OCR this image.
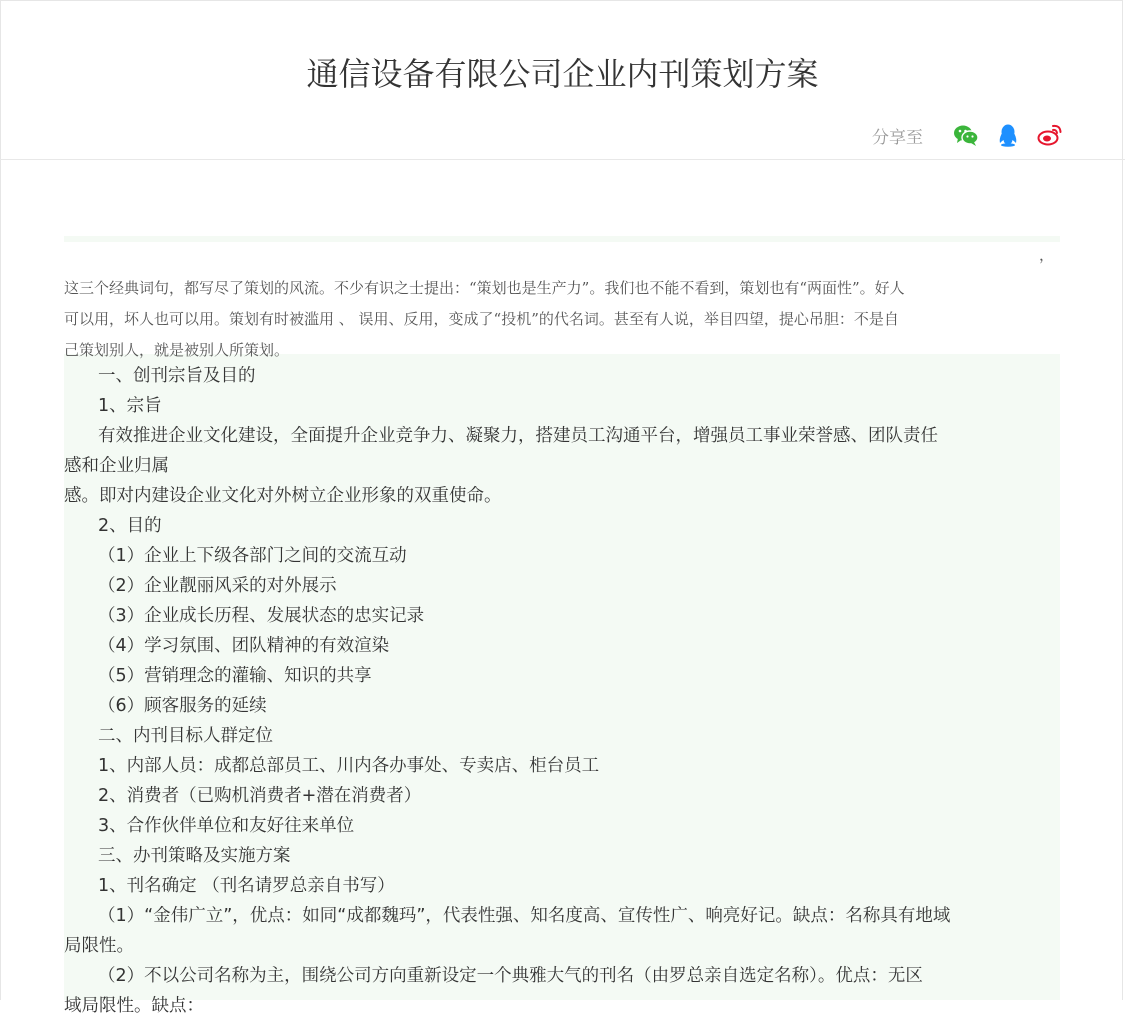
通信设备有限公司企业内刊策划方案
分享至
，
这三个经典词句，都写尽了策划的风流。不少有识之士提出：“策划也是生产力”。我们也不能不看到，策划也有“两面性”。好人
可以用，坏人也可以用。策划有时被滥用 、 误用、反用，变成了“投机”的代名词。甚至有人说，举目四望，提心吊胆：不是自
己策划别人，就是被别人所策划。
一、创刊宗旨及目的
1、宗旨
有效推进企业文化建设，全面提升企业竞争力、凝聚力，搭建员工沟通平台，增强员工事业荣誉感、团队责任
感和企业归属
感。即对内建设企业文化对外树立企业形象的双重使命。
2、目的
（1）企业上下级各部门之间的交流互动
（2）企业靓丽风采的对外展示
（3）企业成长历程、发展状态的忠实记录
（4）学习氛围、团队精神的有效渲染
（5）营销理念的灌输、知识的共享
（6）顾客服务的延续
二、内刊目标人群定位
1、内部人员：成都总部员工、川内各办事处、专卖店、柜台员工
2、消费者（已购机消费者+潜在消费者）
3、合作伙伴单位和友好往来单位
三、办刊策略及实施方案
1、刊名确定 （刊名请罗总亲自书写）
（1）“金伟广立”，优点：如同“成都魏玛”，代表性强、知名度高、宣传性广、响亮好记。缺点：名称具有地域
局限性。
（2）不以公司名称为主，围绕公司方向重新设定一个典雅大气的刊名（由罗总亲自选定名称）。优点：无区
域局限性。缺点：
